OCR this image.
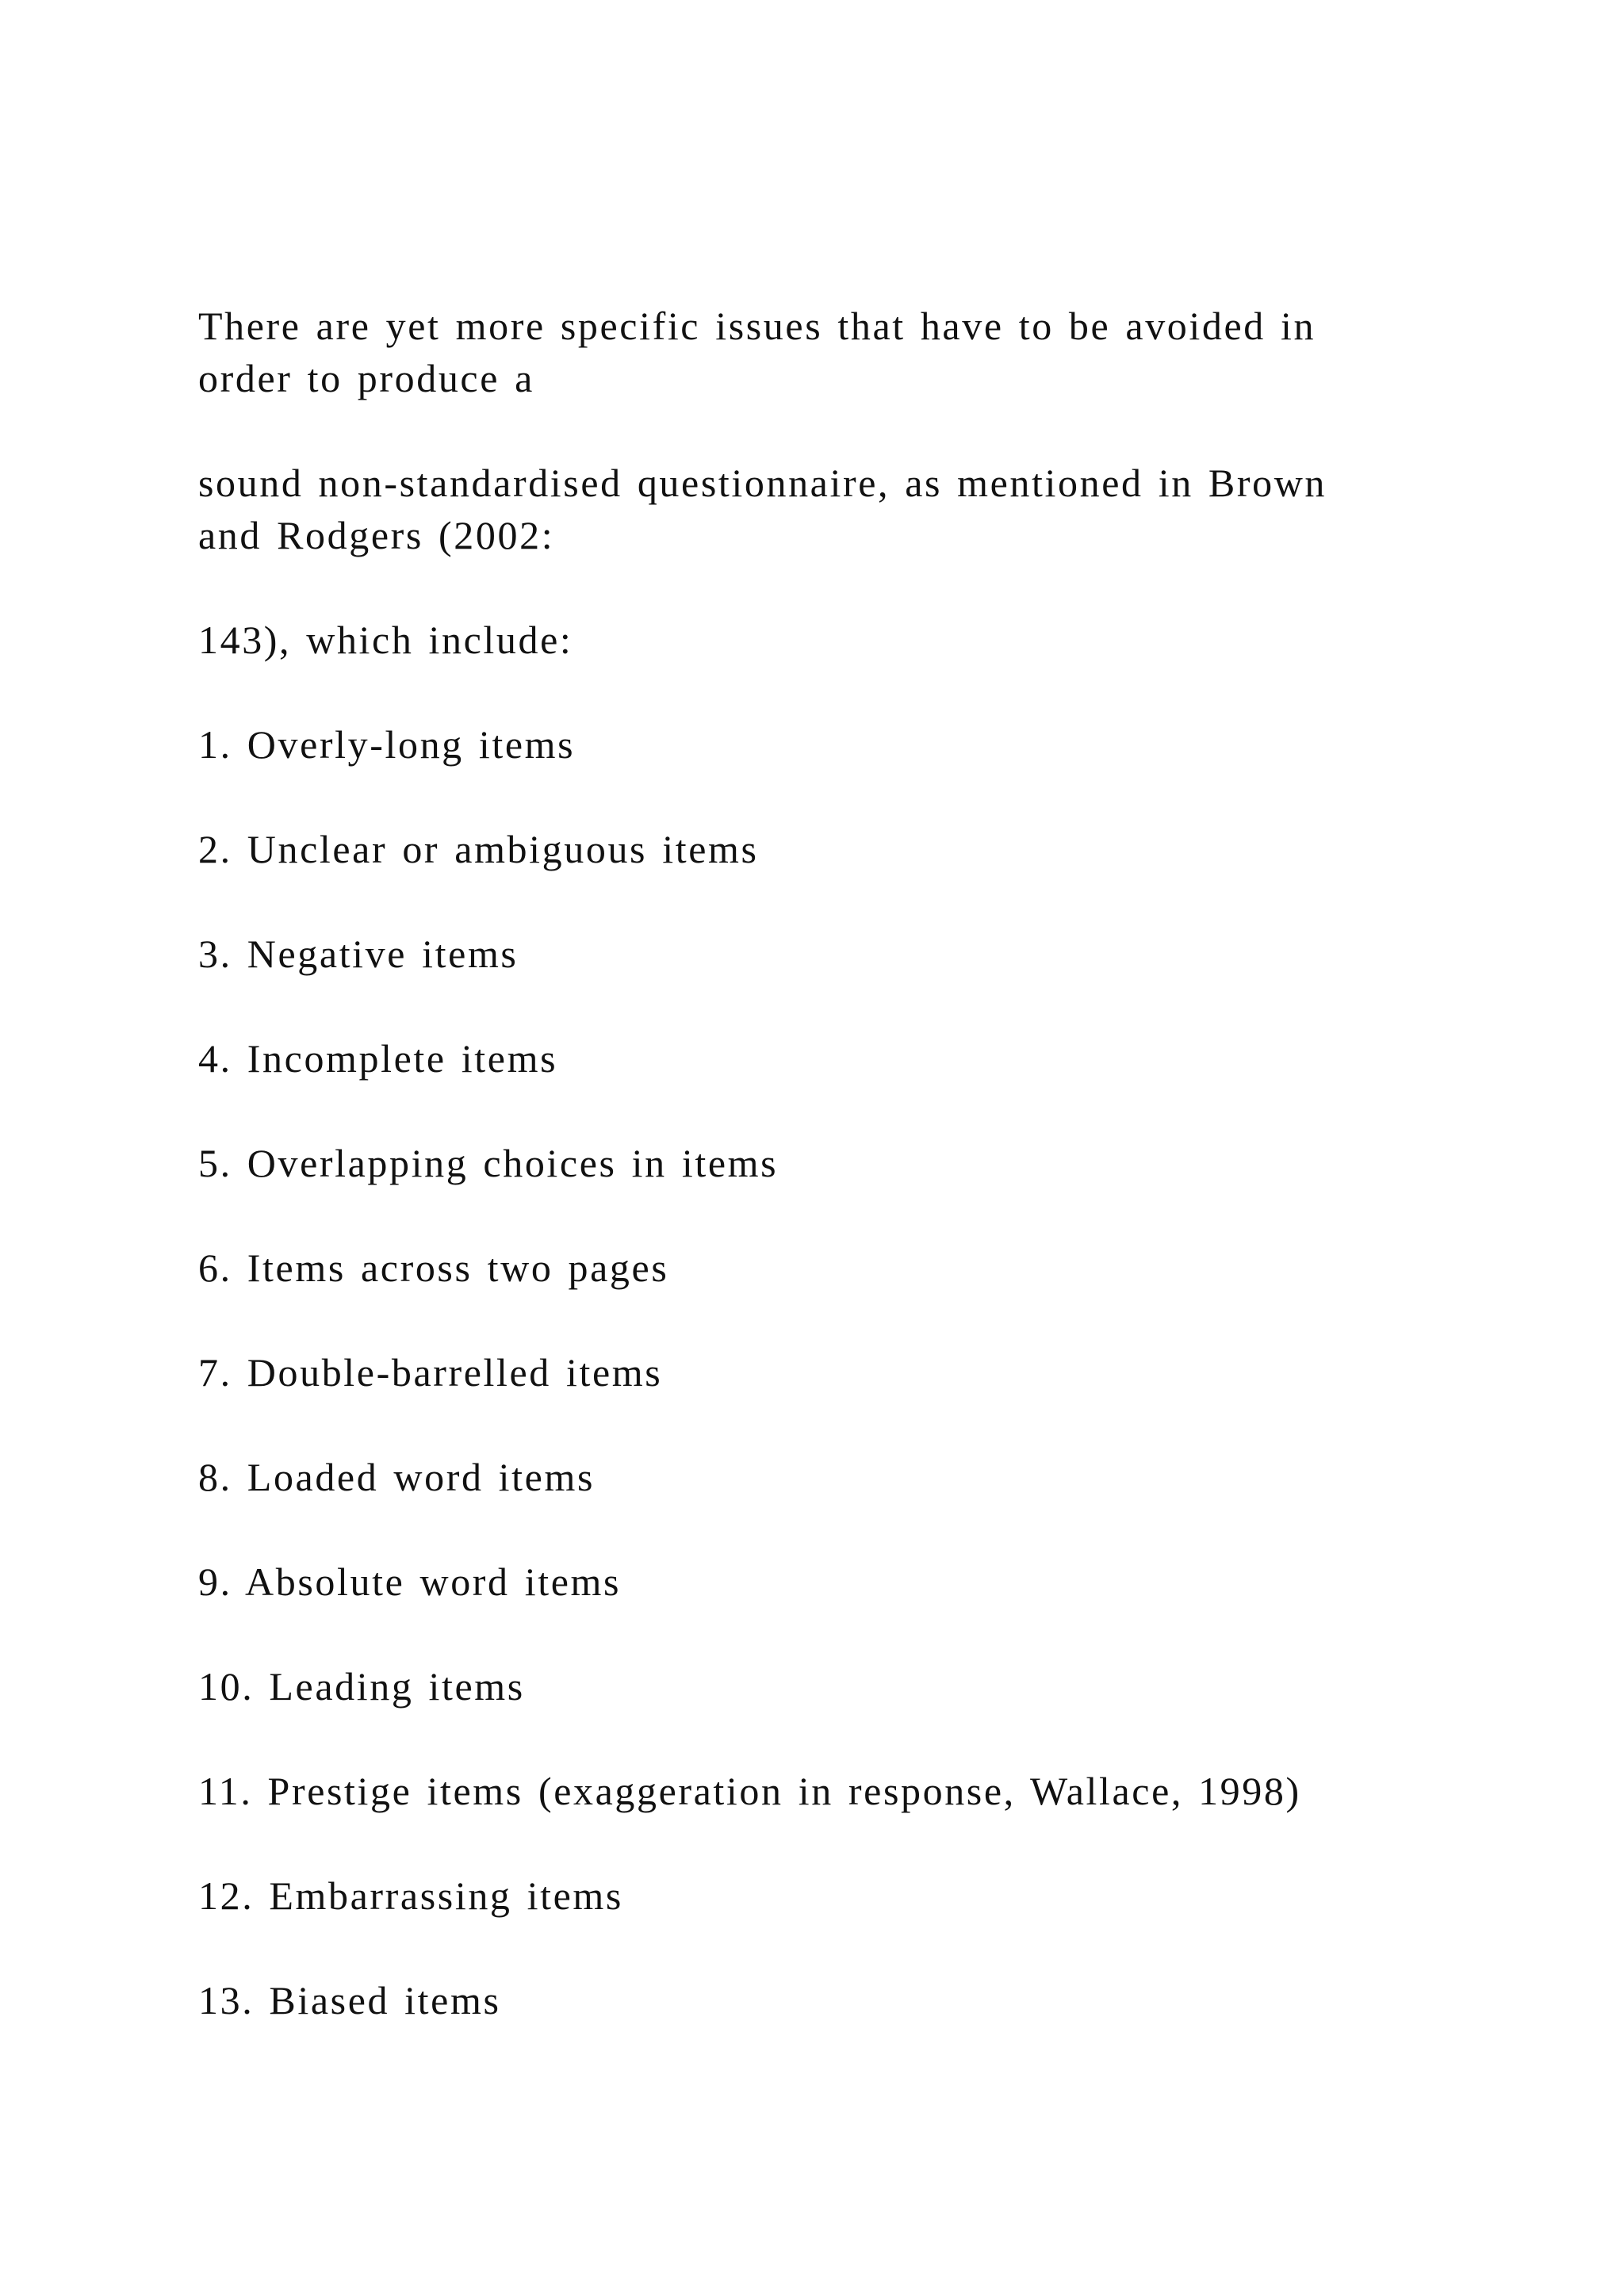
There are yet more specific issues that have to be avoided in
order to produce a
sound non-standardised questionnaire, as mentioned in Brown
and Rodgers (2002:
143), which include:
1. Overly-long items
2. Unclear or ambiguous items
3. Negative items
4. Incomplete items
5. Overlapping choices in items
6. Items across two pages
7. Double-barrelled items
8. Loaded word items
9. Absolute word items
10. Leading items
11. Prestige items (exaggeration in response, Wallace, 1998)
12. Embarrassing items
13. Biased items
